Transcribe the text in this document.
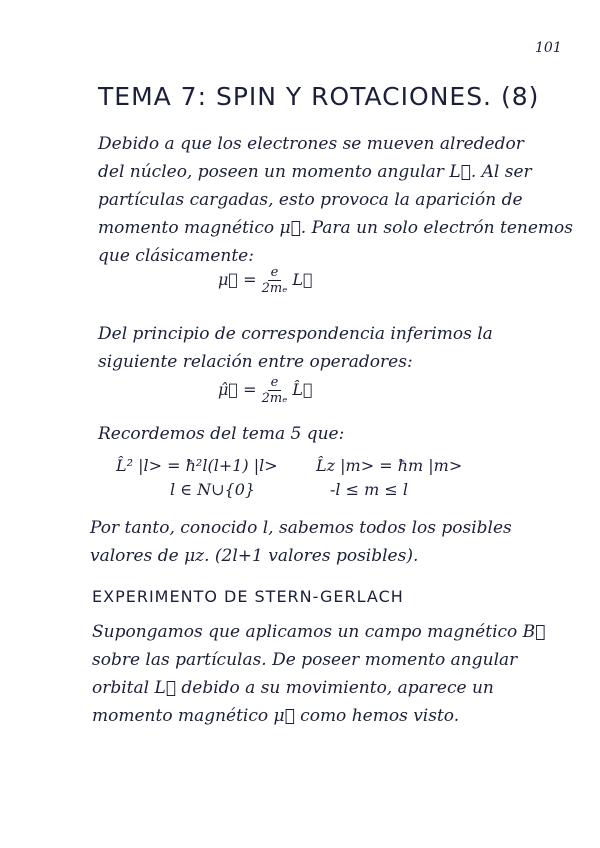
101
TEMA 7: SPIN Y ROTACIONES. (8)
Debido a que los electrones se mueven alrededor
del núcleo, poseen un momento angular L⃗. Al ser
partículas cargadas, esto provoca la aparición de
momento magnético μ⃗. Para un solo electrón tenemos
que clásicamente:
μ⃗ = $\frac{e}{\text{2mₑ}}$ L⃗
Del principio de correspondencia inferimos la
siguiente relación entre operadores:
μ̂⃗ = $\frac{e}{\text{2mₑ}}$ L̂⃗
Recordemos del tema 5 que:
L̂² |l> = ħ²l(l+1) |l>
l ∈ N∪{0}
L̂z |m> = ħm |m>
-l ≤ m ≤ l
Por tanto, conocido l, sabemos todos los posibles
valores de μz. (2l+1 valores posibles).
EXPERIMENTO DE STERN-GERLACH
Supongamos que aplicamos un campo magnético B⃗
sobre las partículas. De poseer momento angular
orbital L⃗ debido a su movimiento, aparece un
momento magnético μ⃗ como hemos visto.
